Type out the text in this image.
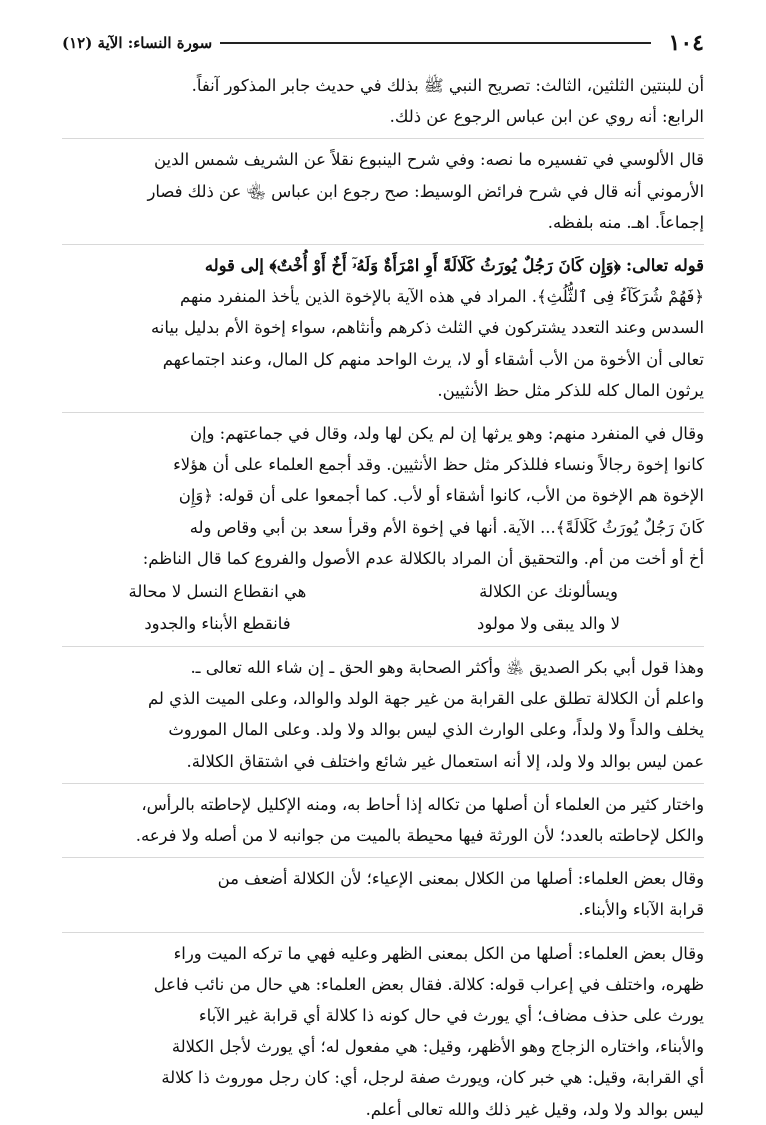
١٠٤
سورة النساء: الآية (١٢)
أن للبنتين الثلثين، الثالث: تصريح النبي ﷺ بذلك في حديث جابر المذكور آنفاً.
الرابع: أنه روي عن ابن عباس الرجوع عن ذلك.
قال الألوسي في تفسيره ما نصه: وفي شرح الينبوع نقلاً عن الشريف شمس الدين
الأرموني أنه قال في شرح فرائض الوسيط: صح رجوع ابن عباس ﵄ عن ذلك فصار
إجماعاً. اهـ. منه بلفظه.
قوله تعالى: ﴿وَإِن كَانَ رَجُلٌ يُورَثُ كَلَالَةً أَوِ امْرَأَةٌ وَلَهُۥٓ أَخٌ أَوْ أُخْتٌ﴾ إلى قوله
﴿فَهُمْ شُرَكَآءُ فِى ٱلثُّلُثِ﴾. المراد في هذه الآية بالإخوة الذين يأخذ المنفرد منهم
السدس وعند التعدد يشتركون في الثلث ذكرهم وأنثاهم، سواء إخوة الأم بدليل بيانه
تعالى أن الأخوة من الأب أشقاء أو لا، يرث الواحد منهم كل المال، وعند اجتماعهم
يرثون المال كله للذكر مثل حظ الأنثيين.
وقال في المنفرد منهم: وهو يرثها إن لم يكن لها ولد، وقال في جماعتهم: وإن
كانوا إخوة رجالاً ونساء فللذكر مثل حظ الأنثيين. وقد أجمع العلماء على أن هؤلاء
الإخوة هم الإخوة من الأب، كانوا أشقاء أو لأب. كما أجمعوا على أن قوله: ﴿وَإِن
كَانَ رَجُلٌ يُورَثُ كَلَالَةً﴾... الآية. أنها في إخوة الأم وقرأ سعد بن أبي وقاص وله
أخ أو أخت من أم. والتحقيق أن المراد بالكلالة عدم الأصول والفروع كما قال الناظم:
ويسألونك عن الكلالة
هي انقطاع النسل لا محالة
لا والد يبقى ولا مولود
فانقطع الأبناء والجدود
وهذا قول أبي بكر الصديق ﵁ وأكثر الصحابة وهو الحق ـ إن شاء الله تعالى ـ.
واعلم أن الكلالة تطلق على القرابة من غير جهة الولد والوالد، وعلى الميت الذي لم
يخلف والداً ولا ولداً، وعلى الوارث الذي ليس بوالد ولا ولد. وعلى المال الموروث
عمن ليس بوالد ولا ولد، إلا أنه استعمال غير شائع واختلف في اشتقاق الكلالة.
واختار كثير من العلماء أن أصلها من تكاله إذا أحاط به، ومنه الإكليل لإحاطته بالرأس،
والكل لإحاطته بالعدد؛ لأن الورثة فيها محيطة بالميت من جوانبه لا من أصله ولا فرعه.
وقال بعض العلماء: أصلها من الكلال بمعنى الإعياء؛ لأن الكلالة أضعف من
قرابة الآباء والأبناء.
وقال بعض العلماء: أصلها من الكل بمعنى الظهر وعليه فهي ما تركه الميت وراء
ظهره، واختلف في إعراب قوله: كلالة. فقال بعض العلماء: هي حال من نائب فاعل
يورث على حذف مضاف؛ أي يورث في حال كونه ذا كلالة أي قرابة غير الآباء
والأبناء، واختاره الزجاج وهو الأظهر، وقيل: هي مفعول له؛ أي يورث لأجل الكلالة
أي القرابة، وقيل: هي خبر كان، ويورث صفة لرجل، أي: كان رجل موروث ذا كلالة
ليس بوالد ولا ولد، وقيل غير ذلك والله تعالى أعلم.
